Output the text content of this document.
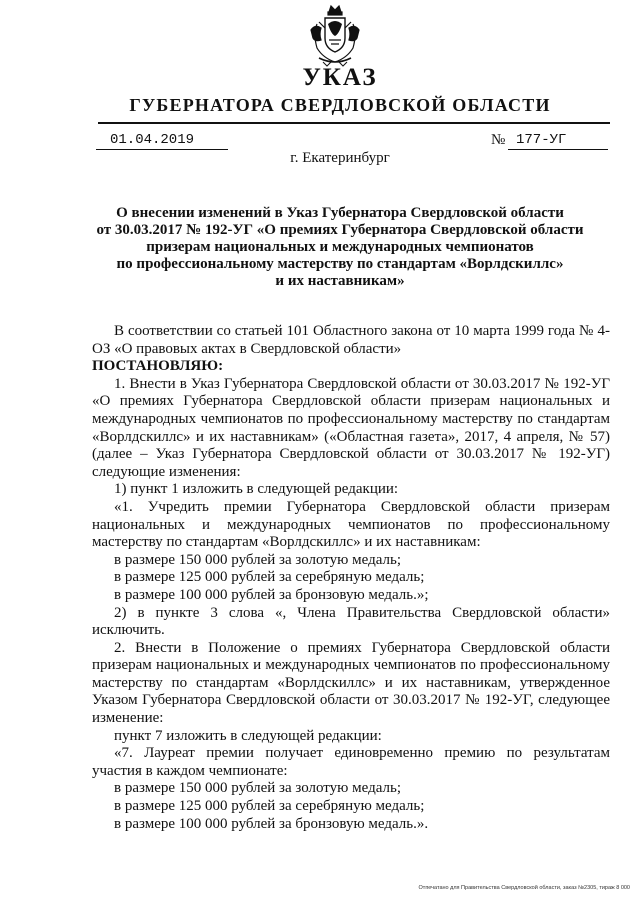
УКАЗ
ГУБЕРНАТОРА СВЕРДЛОВСКОЙ ОБЛАСТИ
01.04.2019	№ 177-УГ
г. Екатеринбург
О внесении изменений в Указ Губернатора Свердловской области
от 30.03.2017 № 192-УГ «О премиях Губернатора Свердловской области
призерам национальных и международных чемпионатов
по профессиональному мастерству по стандартам «Ворлдскиллс»
и их наставникам»

В соответствии со статьей 101 Областного закона от 10 марта 1999 года № 4-ОЗ «О правовых актах в Свердловской области»

ПОСТАНОВЛЯЮ:

1. Внести в Указ Губернатора Свердловской области от 30.03.2017 № 192-УГ «О премиях Губернатора Свердловской области призерам национальных и международных чемпионатов по профессиональному мастерству по стандартам «Ворлдскиллс» и их наставникам» («Областная газета», 2017, 4 апреля, № 57) (далее – Указ Губернатора Свердловской области от 30.03.2017 № 192-УГ) следующие изменения:

1) пункт 1 изложить в следующей редакции:

«1. Учредить премии Губернатора Свердловской области призерам национальных и международных чемпионатов по профессиональному мастерству по стандартам «Ворлдскиллс» и их наставникам:

в размере 150 000 рублей за золотую медаль;

в размере 125 000 рублей за серебряную медаль;

в размере 100 000 рублей за бронзовую медаль.»;

2) в пункте 3 слова «, Члена Правительства Свердловской области» исключить.

2. Внести в Положение о премиях Губернатора Свердловской области призерам национальных и международных чемпионатов по профессиональному мастерству по стандартам «Ворлдскиллс» и их наставникам, утвержденное Указом Губернатора Свердловской области от 30.03.2017 № 192-УГ, следующее изменение:

пункт 7 изложить в следующей редакции:

«7. Лауреат премии получает единовременно премию по результатам участия в каждом чемпионате:

в размере 150 000 рублей за золотую медаль;

в размере 125 000 рублей за серебряную медаль;

в размере 100 000 рублей за бронзовую медаль.».

Отпечатано для Правительства Свердловской области, заказ №2305, тираж 8 000
